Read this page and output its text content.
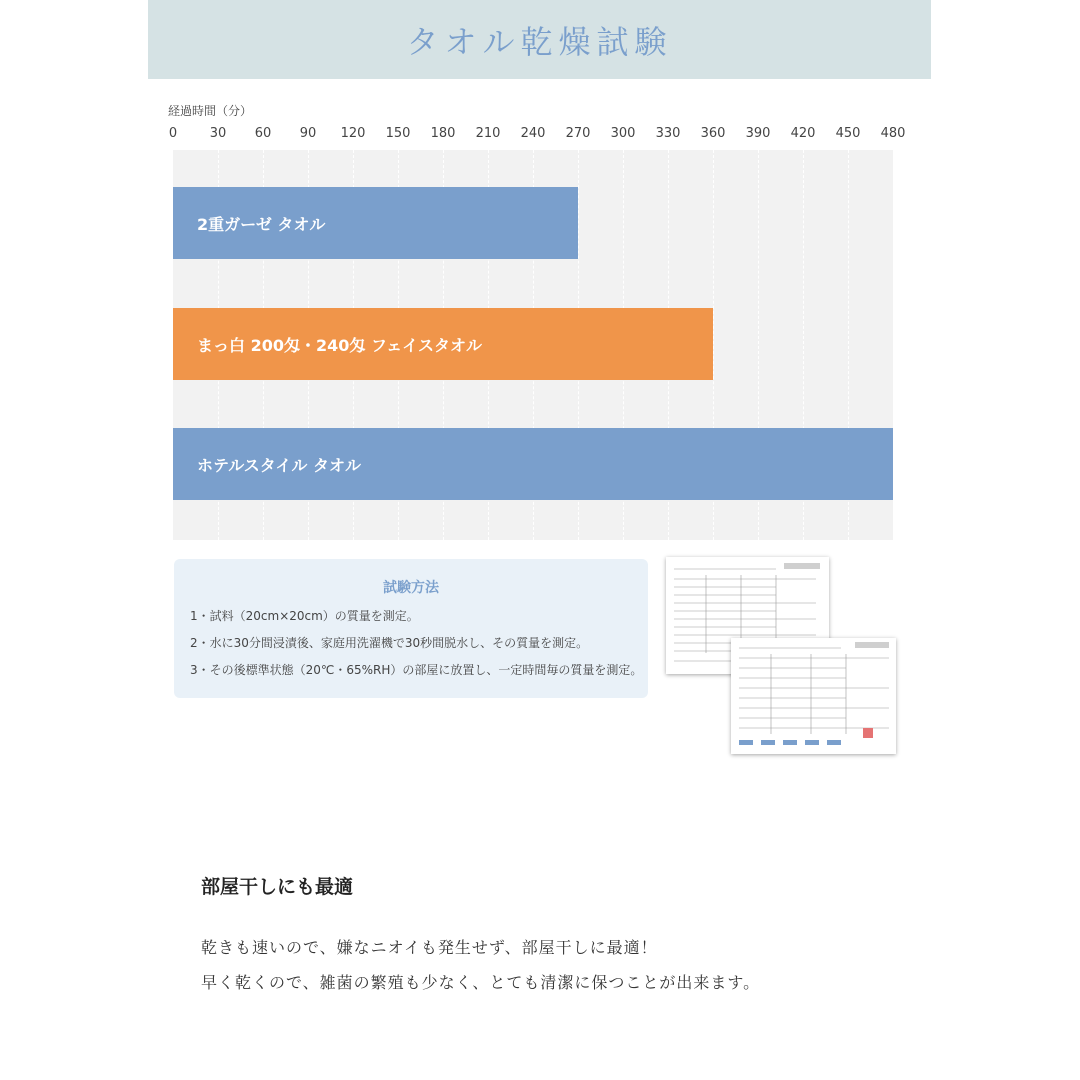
タオル乾燥試験
経過時間（分）
0	30 60 90 120 150 180 210 240 270 300 330 360 390 420 450 480
2重ガーゼ タオル
まっ白 200匁・240匁 フェイスタオル
ホテルスタイル タオル
試験方法
1・試料（20cm×20cm）の質量を測定。
2・水に30分間浸漬後、家庭用洗濯機で30秒間脱水し、その質量を測定。
3・その後標準状態（20℃・65%RH）の部屋に放置し、一定時間毎の質量を測定。
部屋干しにも最適
乾きも速いので、嫌なニオイも発生せず、部屋干しに最適！
早く乾くので、雑菌の繁殖も少なく、とても清潔に保つことが出来ます。
